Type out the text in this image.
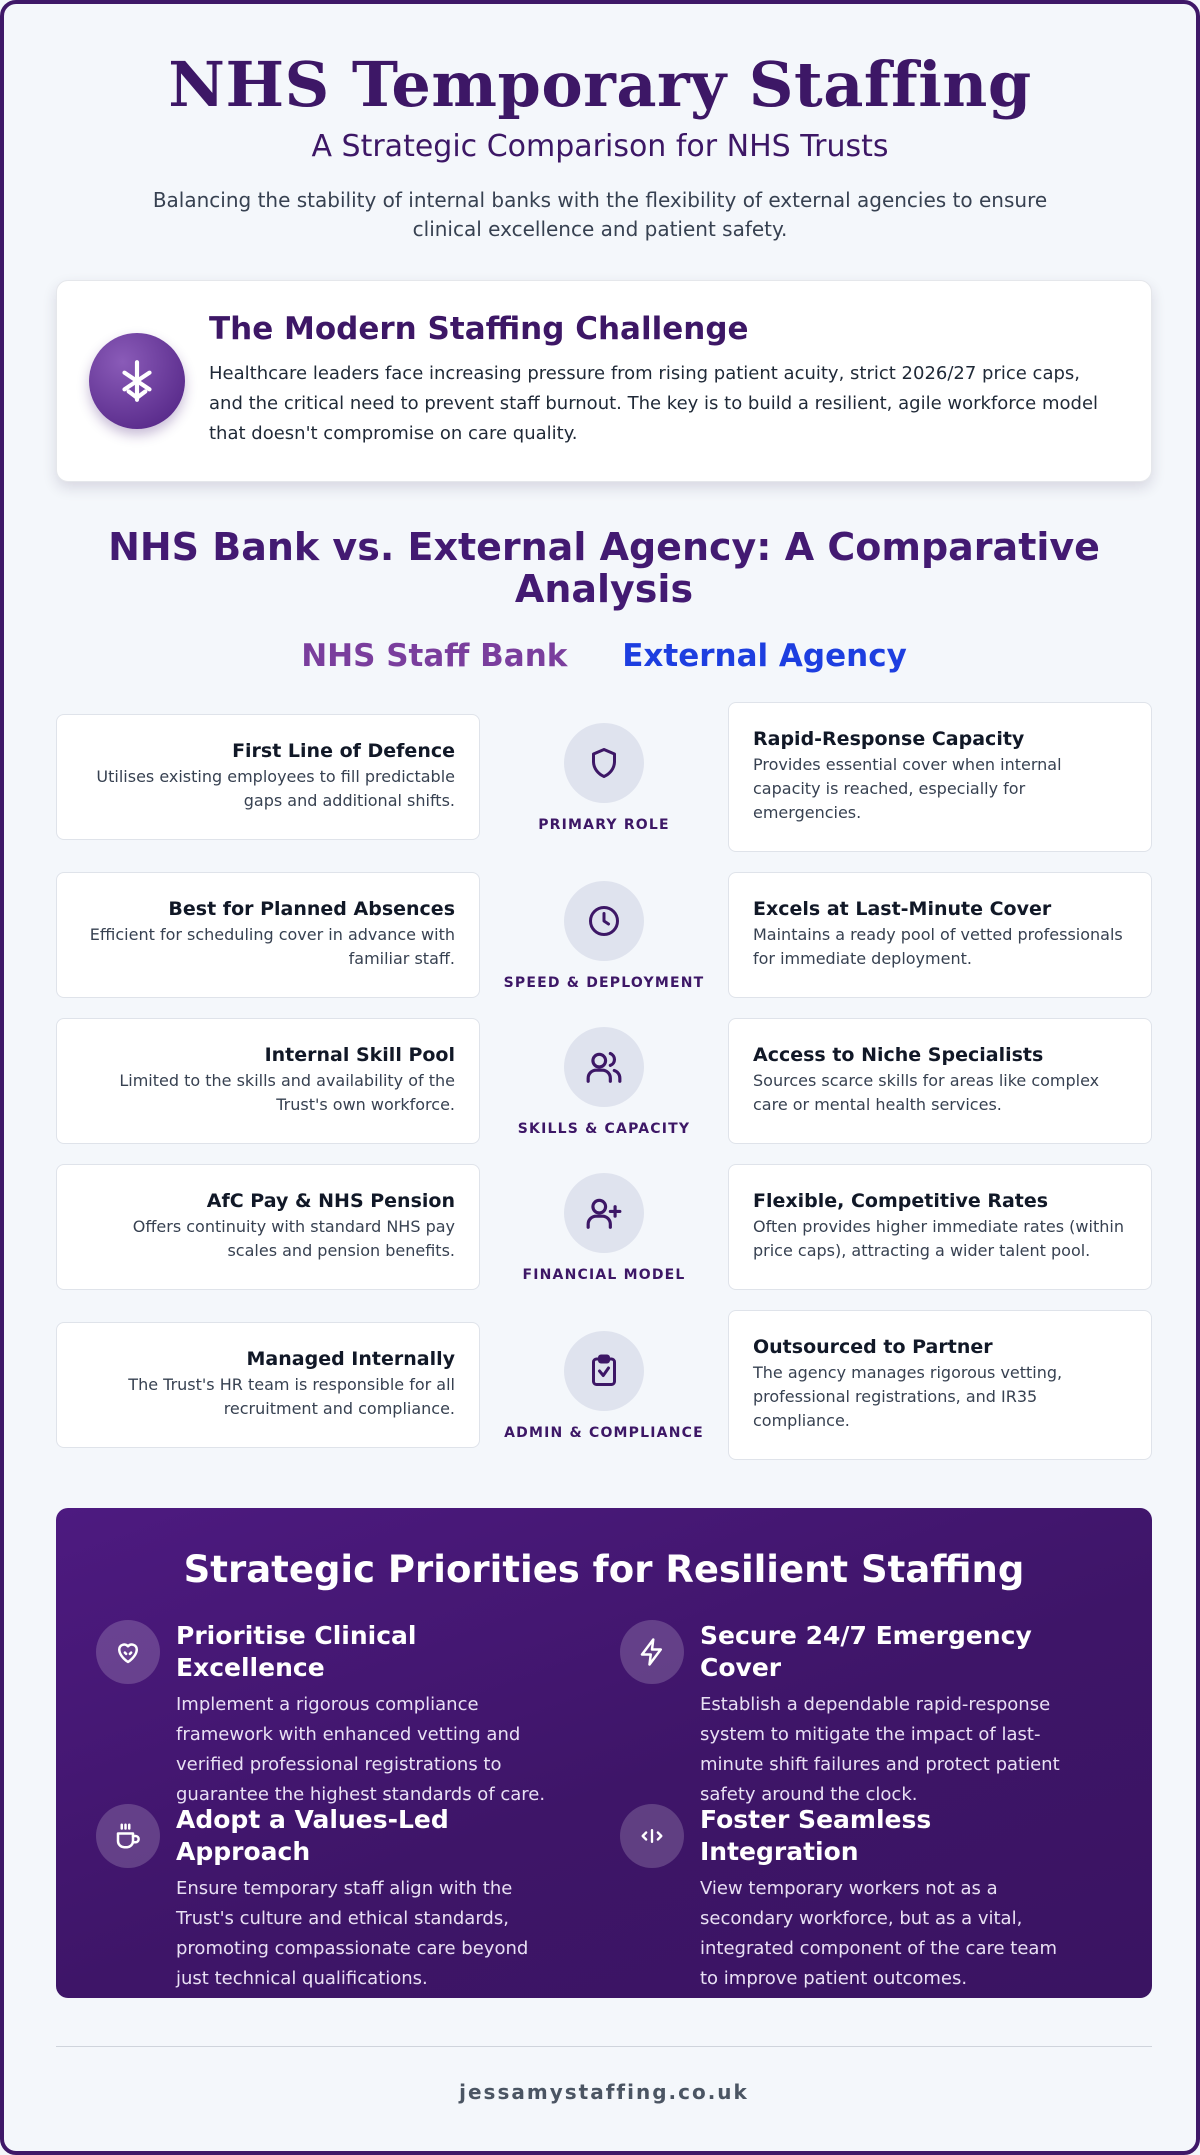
NHS Temporary Staffing
A Strategic Comparison for NHS Trusts

Balancing the stability of internal banks with the flexibility of external agencies to ensure clinical excellence and patient safety.

The Modern Staffing Challenge

Healthcare leaders face increasing pressure from rising patient acuity, strict 2026/27 price caps, and the critical need to prevent staff burnout. The key is to build a resilient, agile workforce model that doesn't compromise on care quality.

NHS Bank vs. External Agency: A Comparative Analysis
NHS Staff Bank External Agency
First Line of Defence
Utilises existing employees to fill predictable gaps and additional shifts.
PRIMARY ROLE
Rapid-Response Capacity
Provides essential cover when internal capacity is reached, especially for emergencies.
Best for Planned Absences
Efficient for scheduling cover in advance with familiar staff.
SPEED & DEPLOYMENT
Excels at Last-Minute Cover
Maintains a ready pool of vetted professionals for immediate deployment.
Internal Skill Pool
Limited to the skills and availability of the Trust's own workforce.
SKILLS & CAPACITY
Access to Niche Specialists
Sources scarce skills for areas like complex care or mental health services.
AfC Pay & NHS Pension
Offers continuity with standard NHS pay scales and pension benefits.
FINANCIAL MODEL
Flexible, Competitive Rates
Often provides higher immediate rates (within price caps), attracting a wider talent pool.
Managed Internally
The Trust's HR team is responsible for all recruitment and compliance.
ADMIN & COMPLIANCE
Outsourced to Partner
The agency manages rigorous vetting, professional registrations, and IR35 compliance.
Strategic Priorities for Resilient Staffing
Prioritise Clinical Excellence
Implement a rigorous compliance framework with enhanced vetting and verified professional registrations to guarantee the highest standards of care.
Secure 24/7 Emergency Cover
Establish a dependable rapid-response system to mitigate the impact of last-minute shift failures and protect patient safety around the clock.
Adopt a Values-Led Approach
Ensure temporary staff align with the Trust's culture and ethical standards, promoting compassionate care beyond just technical qualifications.
Foster Seamless Integration
View temporary workers not as a secondary workforce, but as a vital, integrated component of the care team to improve patient outcomes.
jessamystaffing.co.uk
